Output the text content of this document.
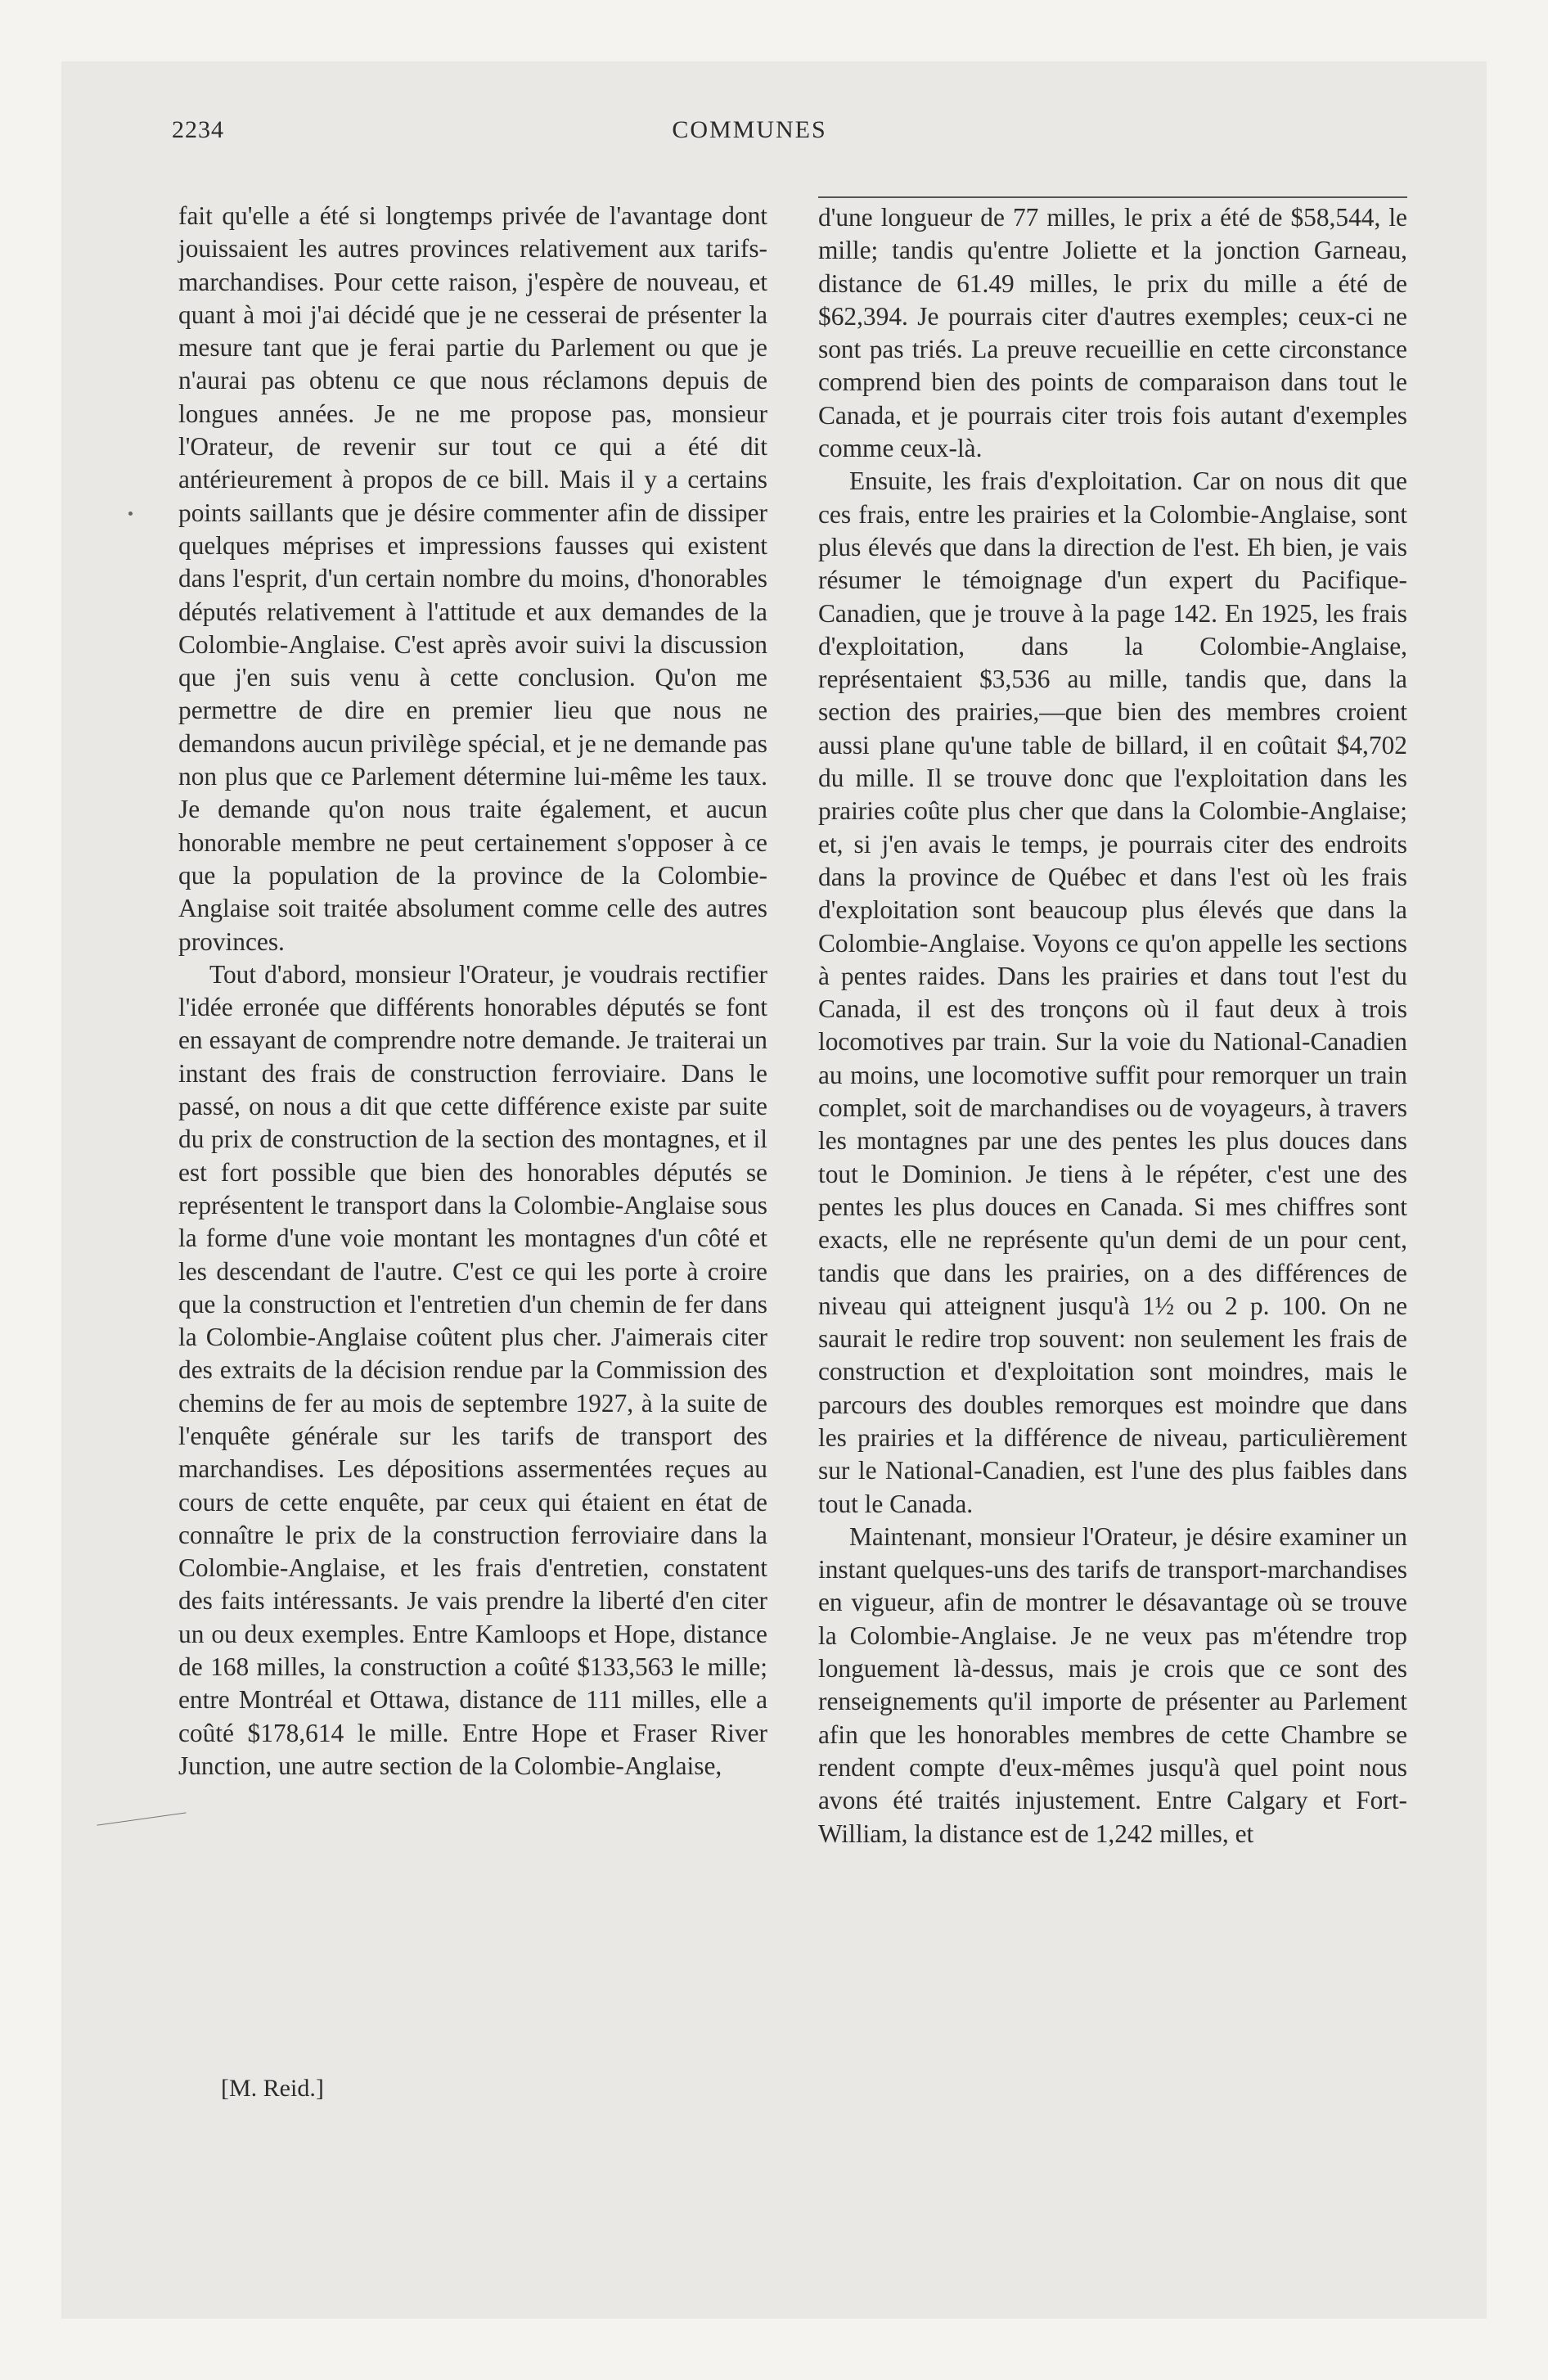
2234	COMMUNES

fait qu'elle a été si longtemps privée de l'avantage dont jouissaient les autres provinces relativement aux tarifs-marchandises. Pour cette raison, j'espère de nouveau, et quant à moi j'ai décidé que je ne cesserai de présenter la mesure tant que je ferai partie du Parlement ou que je n'aurai pas obtenu ce que nous réclamons depuis de longues années. Je ne me propose pas, monsieur l'Orateur, de revenir sur tout ce qui a été dit antérieurement à propos de ce bill. Mais il y a certains points saillants que je désire commenter afin de dissiper quelques méprises et impressions fausses qui existent dans l'esprit, d'un certain nombre du moins, d'honorables députés relativement à l'attitude et aux demandes de la Colombie-Anglaise. C'est après avoir suivi la discussion que j'en suis venu à cette conclusion. Qu'on me permettre de dire en premier lieu que nous ne demandons aucun privilège spécial, et je ne demande pas non plus que ce Parlement détermine lui-même les taux. Je demande qu'on nous traite également, et aucun honorable membre ne peut certainement s'opposer à ce que la population de la province de la Colombie-Anglaise soit traitée absolument comme celle des autres provinces.

Tout d'abord, monsieur l'Orateur, je voudrais rectifier l'idée erronée que différents honorables députés se font en essayant de comprendre notre demande. Je traiterai un instant des frais de construction ferroviaire. Dans le passé, on nous a dit que cette différence existe par suite du prix de construction de la section des montagnes, et il est fort possible que bien des honorables députés se représentent le transport dans la Colombie-Anglaise sous la forme d'une voie montant les montagnes d'un côté et les descendant de l'autre. C'est ce qui les porte à croire que la construction et l'entretien d'un chemin de fer dans la Colombie-Anglaise coûtent plus cher. J'aimerais citer des extraits de la décision rendue par la Commission des chemins de fer au mois de septembre 1927, à la suite de l'enquête générale sur les tarifs de transport des marchandises. Les dépositions assermentées reçues au cours de cette enquête, par ceux qui étaient en état de connaître le prix de la construction ferroviaire dans la Colombie-Anglaise, et les frais d'entretien, constatent des faits intéressants. Je vais prendre la liberté d'en citer un ou deux exemples. Entre Kamloops et Hope, distance de 168 milles, la construction a coûté $133,563 le mille; entre Montréal et Ottawa, distance de 111 milles, elle a coûté $178,614 le mille. Entre Hope et Fraser River Junction, une autre section de la Colombie-Anglaise,

d'une longueur de 77 milles, le prix a été de $58,544, le mille; tandis qu'entre Joliette et la jonction Garneau, distance de 61.49 milles, le prix du mille a été de $62,394. Je pourrais citer d'autres exemples; ceux-ci ne sont pas triés. La preuve recueillie en cette circonstance comprend bien des points de comparaison dans tout le Canada, et je pourrais citer trois fois autant d'exemples comme ceux-là.

Ensuite, les frais d'exploitation. Car on nous dit que ces frais, entre les prairies et la Colombie-Anglaise, sont plus élevés que dans la direction de l'est. Eh bien, je vais résumer le témoignage d'un expert du Pacifique-Canadien, que je trouve à la page 142. En 1925, les frais d'exploitation, dans la Colombie-Anglaise, représentaient $3,536 au mille, tandis que, dans la section des prairies,—que bien des membres croient aussi plane qu'une table de billard, il en coûtait $4,702 du mille. Il se trouve donc que l'exploitation dans les prairies coûte plus cher que dans la Colombie-Anglaise; et, si j'en avais le temps, je pourrais citer des endroits dans la province de Québec et dans l'est où les frais d'exploitation sont beaucoup plus élevés que dans la Colombie-Anglaise. Voyons ce qu'on appelle les sections à pentes raides. Dans les prairies et dans tout l'est du Canada, il est des tronçons où il faut deux à trois locomotives par train. Sur la voie du National-Canadien au moins, une locomotive suffit pour remorquer un train complet, soit de marchandises ou de voyageurs, à travers les montagnes par une des pentes les plus douces dans tout le Dominion. Je tiens à le répéter, c'est une des pentes les plus douces en Canada. Si mes chiffres sont exacts, elle ne représente qu'un demi de un pour cent, tandis que dans les prairies, on a des différences de niveau qui atteignent jusqu'à 1½ ou 2 p. 100. On ne saurait le redire trop souvent: non seulement les frais de construction et d'exploitation sont moindres, mais le parcours des doubles remorques est moindre que dans les prairies et la différence de niveau, particulièrement sur le National-Canadien, est l'une des plus faibles dans tout le Canada.

Maintenant, monsieur l'Orateur, je désire examiner un instant quelques-uns des tarifs de transport-marchandises en vigueur, afin de montrer le désavantage où se trouve la Colombie-Anglaise. Je ne veux pas m'étendre trop longuement là-dessus, mais je crois que ce sont des renseignements qu'il importe de présenter au Parlement afin que les honorables membres de cette Chambre se rendent compte d'eux-mêmes jusqu'à quel point nous avons été traités injustement. Entre Calgary et Fort-William, la distance est de 1,242 milles, et

[M. Reid.]
